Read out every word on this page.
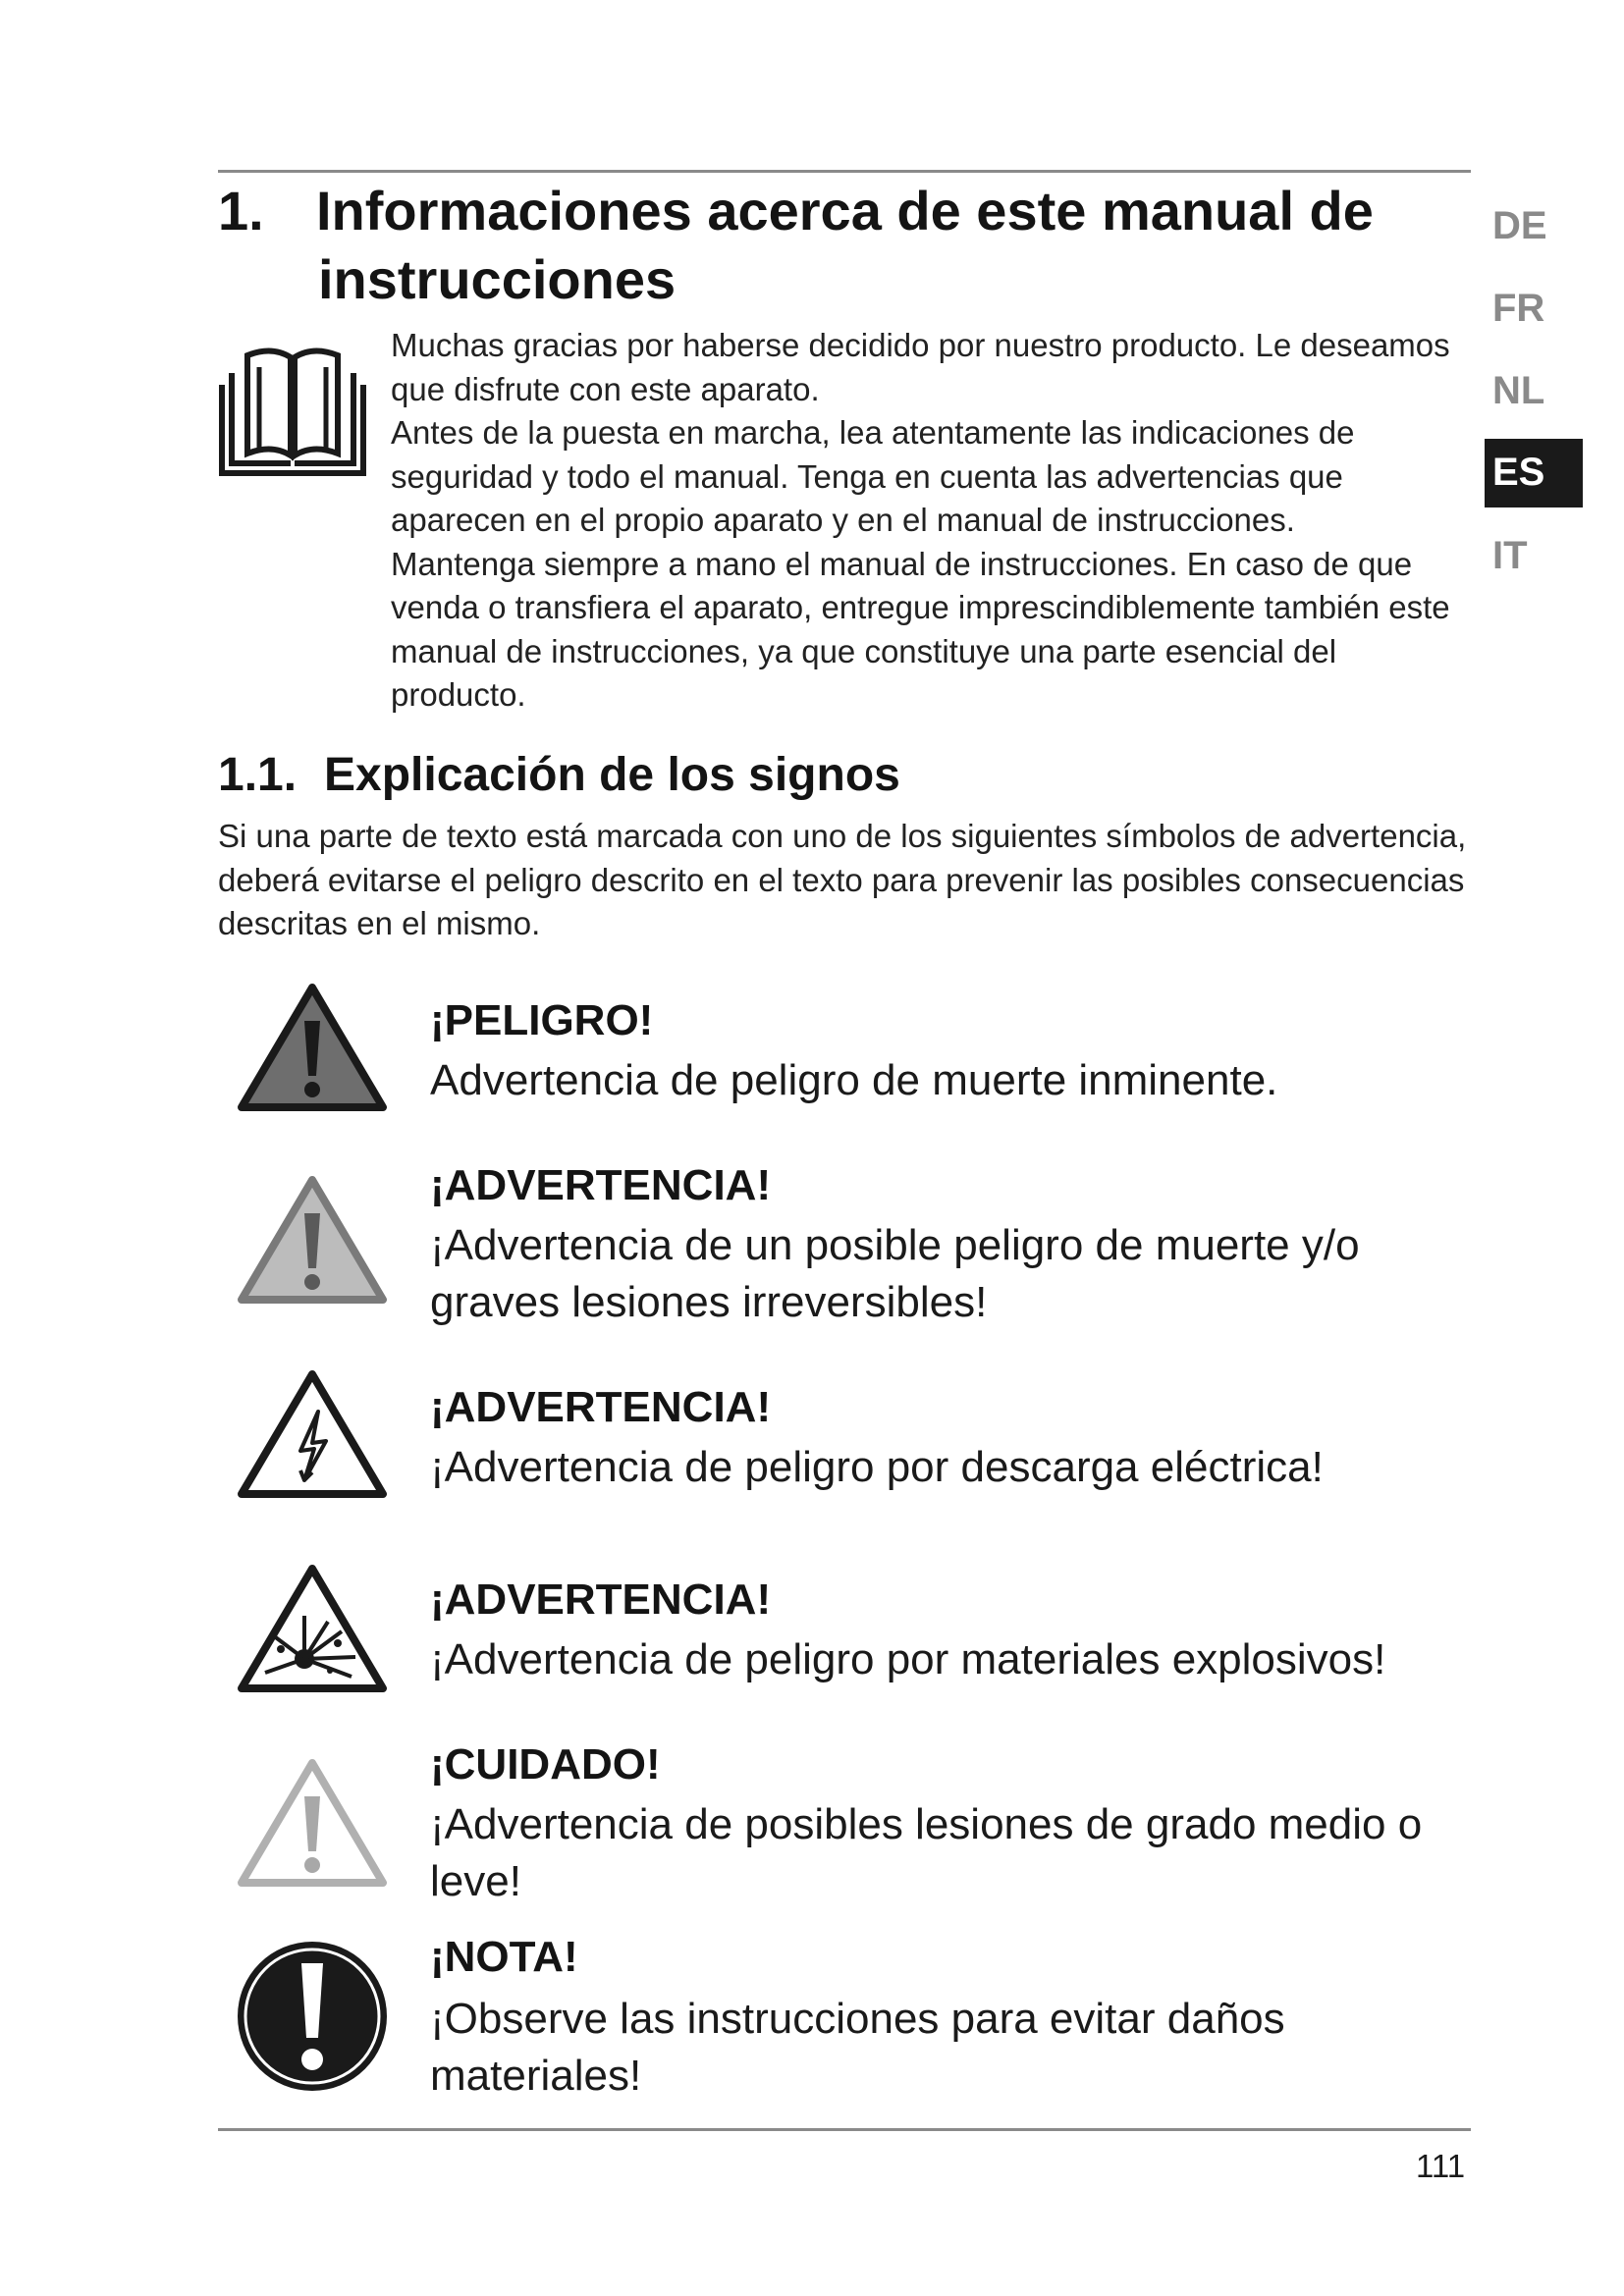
1. Informaciones acerca de este manual de
instrucciones
DE
FR
NL
ES
IT

Muchas gracias por haberse decidido por nuestro producto. Le deseamos que disfrute con este aparato.

Antes de la puesta en marcha, lea atentamente las indicaciones de seguridad y todo el manual. Tenga en cuenta las advertencias que aparecen en el propio aparato y en el manual de instrucciones.

Mantenga siempre a mano el manual de instrucciones. En caso de que venda o transfiera el aparato, entregue imprescindiblemente también este manual de instrucciones, ya que constituye una parte esencial del producto.

1.1. Explicación de los signos
Si una parte de texto está marcada con uno de los siguientes símbolos de advertencia, deberá evitarse el peligro descrito en el texto para prevenir las posibles consecuencias descritas en el mismo.
¡PELIGRO!
Advertencia de peligro de muerte inminente.
¡ADVERTENCIA!
¡Advertencia de un posible peligro de muerte y/o graves lesiones irreversibles!
¡ADVERTENCIA!
¡Advertencia de peligro por descarga eléctrica!
¡ADVERTENCIA!
¡Advertencia de peligro por materiales explosivos!
¡CUIDADO!
¡Advertencia de posibles lesiones de grado medio o leve!
¡NOTA!
¡Observe las instrucciones para evitar daños materiales!
111
